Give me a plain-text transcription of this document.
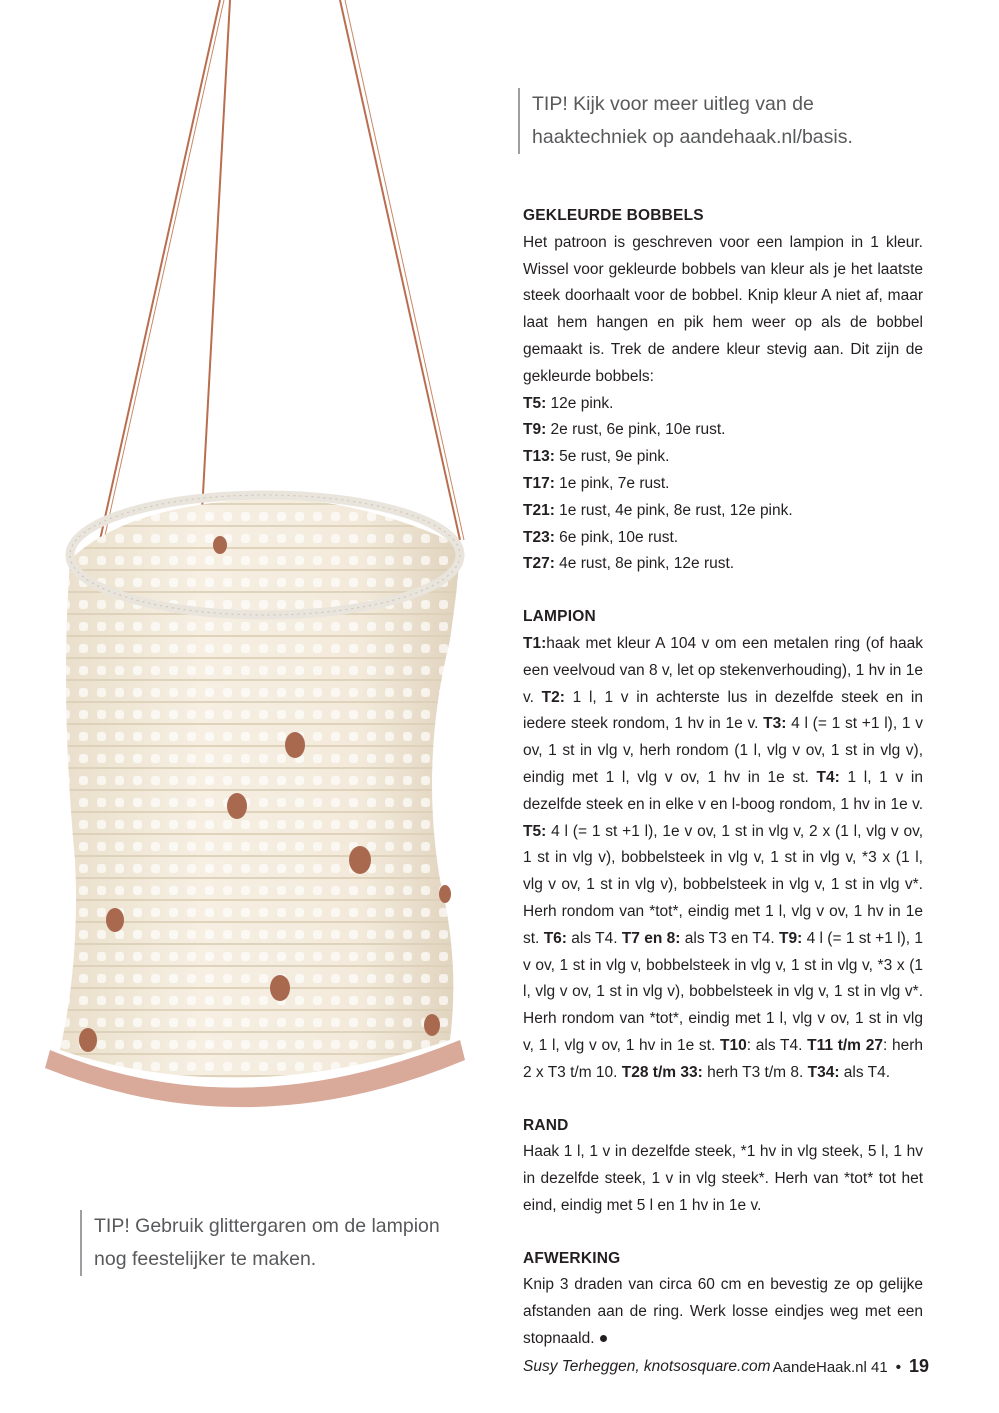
TIP! Kijk voor meer uitleg van de
haaktechniek op aandehaak.nl/basis.
TIP! Gebruik glittergaren om de lampion
nog feestelijker te maken.
GEKLEURDE BOBBELS

Het patroon is geschreven voor een lampion in 1 kleur. Wissel voor gekleurde bobbels van kleur als je het laatste steek doorhaalt voor de bobbel. Knip kleur A niet af, maar laat hem hangen en pik hem weer op als de bobbel gemaakt is. Trek de andere kleur stevig aan. Dit zijn de gekleurde bobbels:

T5: 12e pink.
T9: 2e rust, 6e pink, 10e rust.
T13: 5e rust, 9e pink.
T17: 1e pink, 7e rust.
T21: 1e rust, 4e pink, 8e rust, 12e pink.
T23: 6e pink, 10e rust.
T27: 4e rust, 8e pink, 12e rust.
LAMPION

T1:haak met kleur A 104 v om een metalen ring (of haak een veelvoud van 8 v, let op stekenverhouding), 1 hv in 1e v. T2: 1 l, 1 v in achterste lus in dezelfde steek en in iedere steek rondom, 1 hv in 1e v. T3: 4 l (= 1 st +1 l), 1 v ov, 1 st in vlg v, herh rondom (1 l, vlg v ov, 1 st in vlg v), eindig met 1 l, vlg v ov, 1 hv in 1e st. T4: 1 l, 1 v in dezelfde steek en in elke v en l-boog rondom, 1 hv in 1e v. T5: 4 l (= 1 st +1 l), 1e v ov, 1 st in vlg v, 2 x (1 l, vlg v ov, 1 st in vlg v), bobbelsteek in vlg v, 1 st in vlg v, *3 x (1 l, vlg v ov, 1 st in vlg v), bobbelsteek in vlg v, 1 st in vlg v*. Herh rondom van *tot*, eindig met 1 l, vlg v ov, 1 hv in 1e st. T6: als T4. T7 en 8: als T3 en T4. T9: 4 l (= 1 st +1 l), 1 v ov, 1 st in vlg v, bobbelsteek in vlg v, 1 st in vlg v, *3 x (1 l, vlg v ov, 1 st in vlg v), bobbelsteek in vlg v, 1 st in vlg v*. Herh rondom van *tot*, eindig met 1 l, vlg v ov, 1 st in vlg v, 1 l, vlg v ov, 1 hv in 1e st. T10: als T4. T11 t/m 27: herh 2 x T3 t/m 10. T28 t/m 33: herh T3 t/m 8. T34: als T4.

RAND

Haak 1 l, 1 v in dezelfde steek, *1 hv in vlg steek, 5 l, 1 hv in dezelfde steek, 1 v in vlg steek*. Herh van *tot* tot het eind, eindig met 5 l en 1 hv in 1e v.

AFWERKING

Knip 3 draden van circa 60 cm en bevestig ze op gelijke afstanden aan de ring. Werk losse eindjes weg met een stopnaald.

Susy Terheggen, knotsosquare.com AandeHaak.nl 41 • 19
